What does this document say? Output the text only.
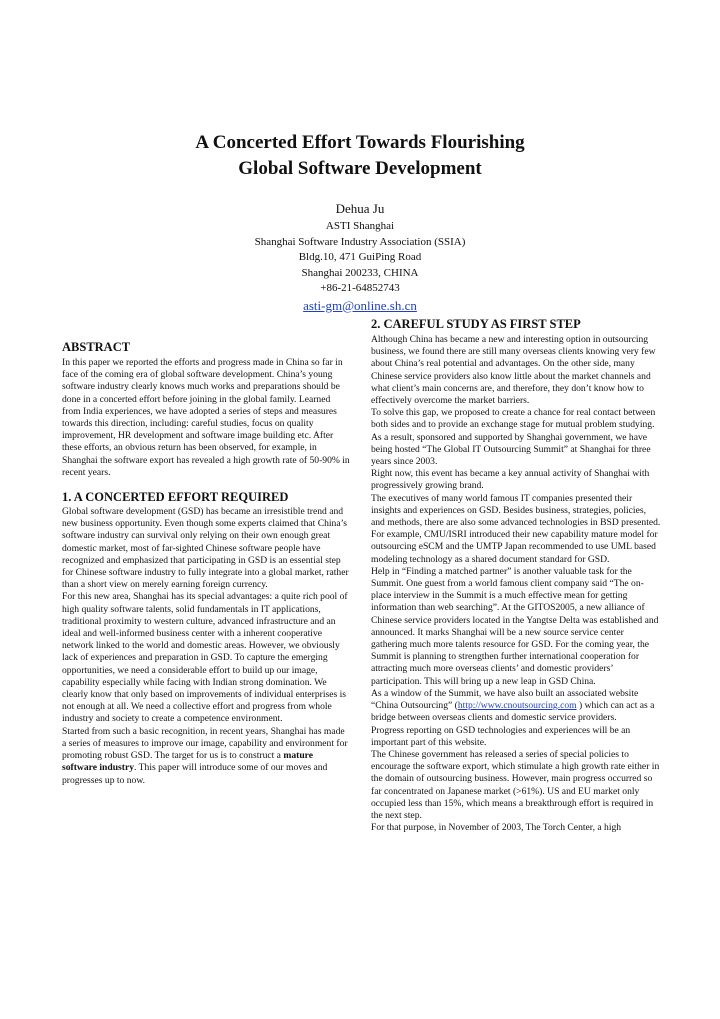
A Concerted Effort Towards Flourishing
Global Software Development
Dehua Ju
ASTI Shanghai
Shanghai Software Industry Association (SSIA)
Bldg.10, 471 GuiPing Road
Shanghai 200233, CHINA
+86-21-64852743
asti-gm@online.sh.cn
ABSTRACT

In this paper we reported the efforts and progress made in China so far in face of the coming era of global software development. China’s young software industry clearly knows much works and preparations should be done in a concerted effort before joining in the global family. Learned from India experiences, we have adopted a series of steps and measures towards this direction, including: careful studies, focus on quality improvement, HR development and software image building etc. After these efforts, an obvious return has been observed, for example, in Shanghai the software export has revealed a high growth rate of 50-90% in recent years.

1. A CONCERTED EFFORT REQUIRED

Global software development (GSD) has became an irresistible trend and new business opportunity. Even though some experts claimed that China’s software industry can survival only relying on their own enough great domestic market, most of far-sighted Chinese software people have recognized and emphasized that participating in GSD is an essential step for Chinese software industry to fully integrate into a global market, rather than a short view on merely earning foreign currency.

For this new area, Shanghai has its special advantages: a quite rich pool of high quality software talents, solid fundamentals in IT applications, traditional proximity to western culture, advanced infrastructure and an ideal and well-informed business center with a inherent cooperative network linked to the world and domestic areas. However, we obviously lack of experiences and preparation in GSD. To capture the emerging opportunities, we need a considerable effort to build up our image, capability especially while facing with Indian strong domination. We clearly know that only based on improvements of individual enterprises is not enough at all. We need a collective effort and progress from whole industry and society to create a competence environment.

Started from such a basic recognition, in recent years, Shanghai has made a series of measures to improve our image, capability and environment for promoting robust GSD. The target for us is to construct a mature software industry. This paper will introduce some of our moves and progresses up to now.

2. CAREFUL STUDY AS FIRST STEP

Although China has became a new and interesting option in outsourcing business, we found there are still many overseas clients knowing very few about China’s real potential and advantages. On the other side, many Chinese service providers also know little about the market channels and what client’s main concerns are, and therefore, they don’t know how to effectively overcome the market barriers.

To solve this gap, we proposed to create a chance for real contact between both sides and to provide an exchange stage for mutual problem studying. As a result, sponsored and supported by Shanghai government, we have being hosted “The Global IT Outsourcing Summit” at Shanghai for three years since 2003.

Right now, this event has became a key annual activity of Shanghai with progressively growing brand.

The executives of many world famous IT companies presented their insights and experiences on GSD. Besides business, strategies, policies, and methods, there are also some advanced technologies in BSD presented. For example, CMU/ISRI introduced their new capability mature model for outsourcing eSCM and the UMTP Japan recommended to use UML based modeling technology as a shared document standard for GSD.

Help in “Finding a matched partner” is another valuable task for the Summit. One guest from a world famous client company said “The on-place interview in the Summit is a much effective mean for getting information than web searching”. At the GITOS2005, a new alliance of Chinese service providers located in the Yangtse Delta was established and announced. It marks Shanghai will be a new source service center gathering much more talents resource for GSD. For the coming year, the Summit is planning to strengthen further international cooperation for attracting much more overseas clients’ and domestic providers’ participation. This will bring up a new leap in GSD China.

As a window of the Summit, we have also built an associated website “China Outsourcing” (http://www.cnoutsourcing.com ) which can act as a bridge between overseas clients and domestic service providers.

Progress reporting on GSD technologies and experiences will be an important part of this website.

The Chinese government has released a series of special policies to encourage the software export, which stimulate a high growth rate either in the domain of outsourcing business. However, main progress occurred so far concentrated on Japanese market (>61%). US and EU market only occupied less than 15%, which means a breakthrough effort is required in the next step.

For that purpose, in November of 2003, The Torch Center, a high
